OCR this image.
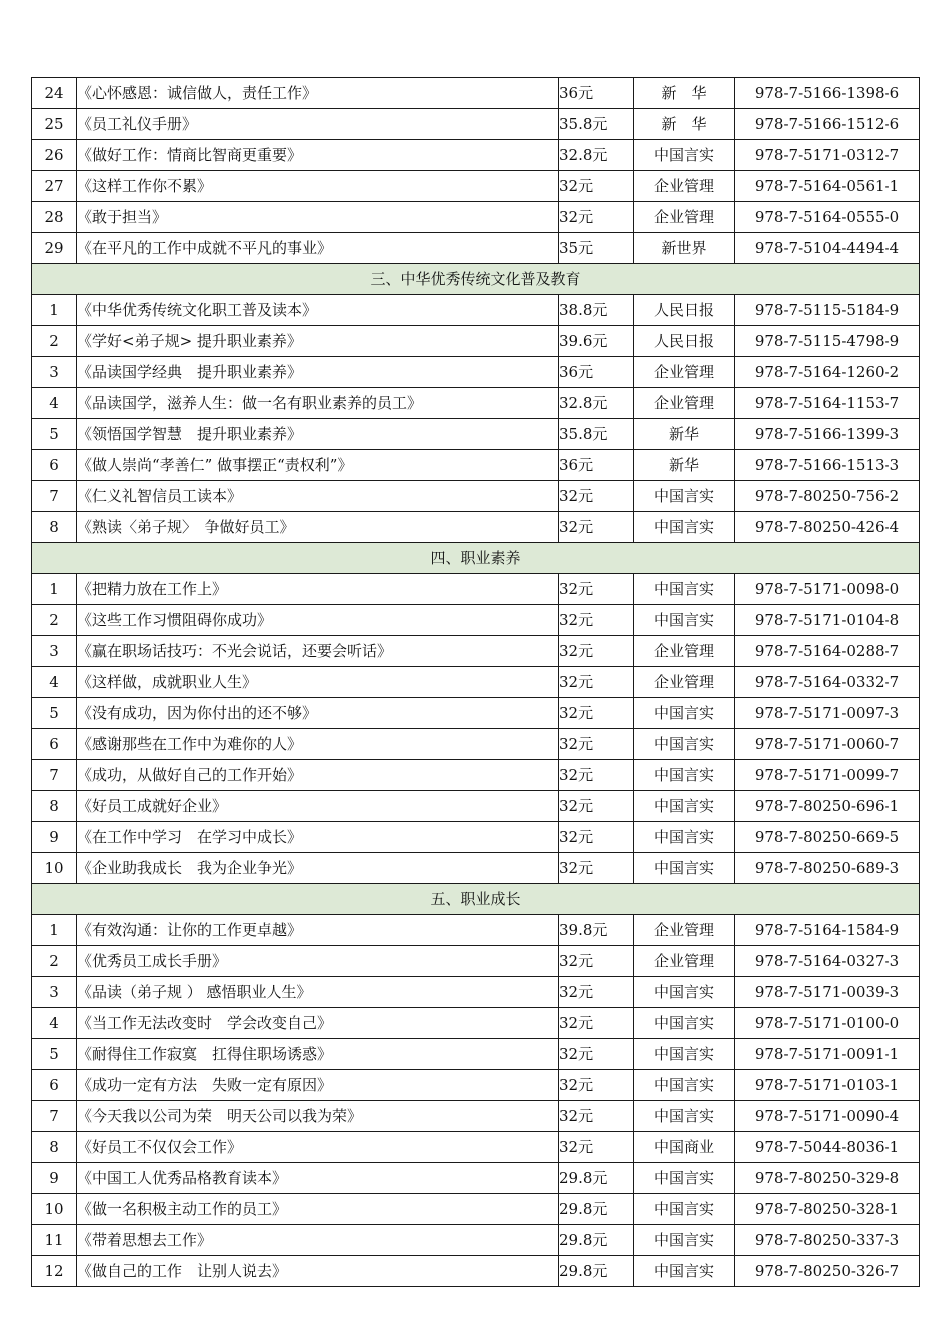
24	《心怀感恩：诚信做人，责任工作》	36元	新　华	978-7-5166-1398-6
25	《员工礼仪手册》	35.8元	新　华	978-7-5166-1512-6
26	《做好工作：情商比智商更重要》	32.8元	中国言实	978-7-5171-0312-7
27	《这样工作你不累》	32元	企业管理	978-7-5164-0561-1
28	《敢于担当》	32元	企业管理	978-7-5164-0555-0
29	《在平凡的工作中成就不平凡的事业》	35元	新世界	978-7-5104-4494-4
三、中华优秀传统文化普及教育				
1	《中华优秀传统文化职工普及读本》	38.8元	人民日报	978-7-5115-5184-9
2	《学好<弟子规> 提升职业素养》	39.6元	人民日报	978-7-5115-4798-9
3	《品读国学经典　提升职业素养》	36元	企业管理	978-7-5164-1260-2
4	《品读国学，滋养人生：做一名有职业素养的员工》	32.8元	企业管理	978-7-5164-1153-7
5	《领悟国学智慧　提升职业素养》	35.8元	新华	978-7-5166-1399-3
6	《做人崇尚“孝善仁” 做事摆正“责权利”》	36元	新华	978-7-5166-1513-3
7	《仁义礼智信员工读本》	32元	中国言实	978-7-80250-756-2
8	《熟读〈弟子规〉　争做好员工》	32元	中国言实	978-7-80250-426-4
四、职业素养				
1	《把精力放在工作上》	32元	中国言实	978-7-5171-0098-0
2	《这些工作习惯阻碍你成功》	32元	中国言实	978-7-5171-0104-8
3	《赢在职场话技巧：不光会说话，还要会听话》	32元	企业管理	978-7-5164-0288-7
4	《这样做，成就职业人生》	32元	企业管理	978-7-5164-0332-7
5	《没有成功，因为你付出的还不够》	32元	中国言实	978-7-5171-0097-3
6	《感谢那些在工作中为难你的人》	32元	中国言实	978-7-5171-0060-7
7	《成功，从做好自己的工作开始》	32元	中国言实	978-7-5171-0099-7
8	《好员工成就好企业》	32元	中国言实	978-7-80250-696-1
9	《在工作中学习　在学习中成长》	32元	中国言实	978-7-80250-669-5
10	《企业助我成长　我为企业争光》	32元	中国言实	978-7-80250-689-3
五、职业成长				
1	《有效沟通：让你的工作更卓越》	39.8元	企业管理	978-7-5164-1584-9
2	《优秀员工成长手册》	32元	企业管理	978-7-5164-0327-3
3	《品读（弟子规 ） 感悟职业人生》	32元	中国言实	978-7-5171-0039-3
4	《当工作无法改变时　学会改变自己》	32元	中国言实	978-7-5171-0100-0
5	《耐得住工作寂寞　扛得住职场诱惑》	32元	中国言实	978-7-5171-0091-1
6	《成功一定有方法　失败一定有原因》	32元	中国言实	978-7-5171-0103-1
7	《今天我以公司为荣　明天公司以我为荣》	32元	中国言实	978-7-5171-0090-4
8	《好员工不仅仅会工作》	32元	中国商业	978-7-5044-8036-1
9	《中国工人优秀品格教育读本》	29.8元	中国言实	978-7-80250-329-8
10	《做一名积极主动工作的员工》	29.8元	中国言实	978-7-80250-328-1
11	《带着思想去工作》	29.8元	中国言实	978-7-80250-337-3
12	《做自己的工作　让别人说去》	29.8元	中国言实	978-7-80250-326-7
